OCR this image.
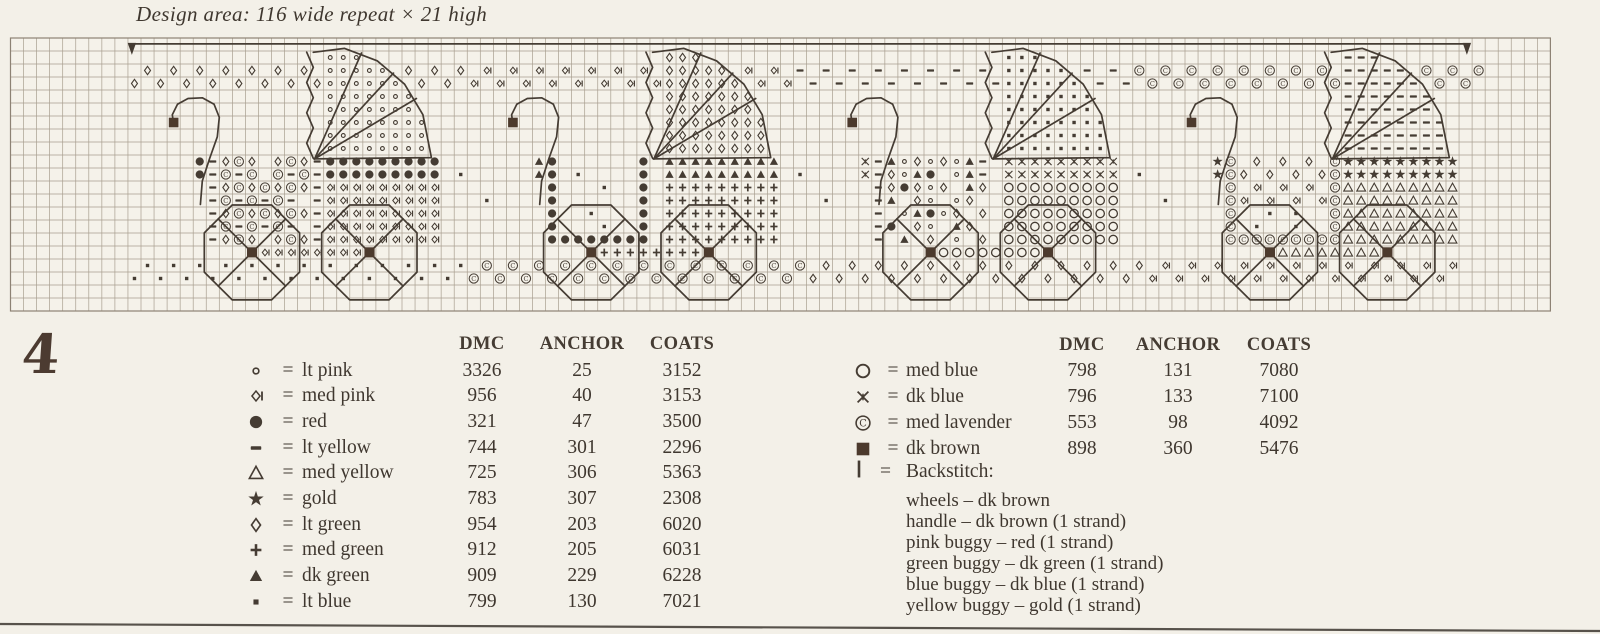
Design area: 116 wide repeat × 21 high
C
C
C
C
C
C
C
C
C
C
C
C
C
C
C
C
C
C
C
C
C
C
C
C
C
C
C
C
C
C
C
C
C
C
C
C
C
C
C
C
C
C
C
C
C
C
C
C	C
C	C	C	C
C	C	C
C	C	C
C	C	C
C	C	C
C	C
C	C
C	C
C	C
C	C
C	C
C	C
C C C C C C C C C
4	DMC	ANCHOR	COATS
= lt pink	3326	25	3152
= med pink	956	40	3153
= red	321	47	3500
= lt yellow	744	301	2296
= med yellow	725	306	5363
= gold	783	307	2308
= lt green	954	203	6020
= med green	912	205	6031
= dk green	909	229	6228
= lt blue	799	130	7021
DMC	ANCHOR	COATS
= med blue	798	131	7080
= dk blue	796	133	7100
C	= med lavender	553	98	4092
= dk brown	898	360	5476
= Backstitch:
wheels – dk brown
handle – dk brown (1 strand)
pink buggy – red (1 strand)
green buggy – dk green (1 strand)
blue buggy – dk blue (1 strand)
yellow buggy – gold (1 strand)
